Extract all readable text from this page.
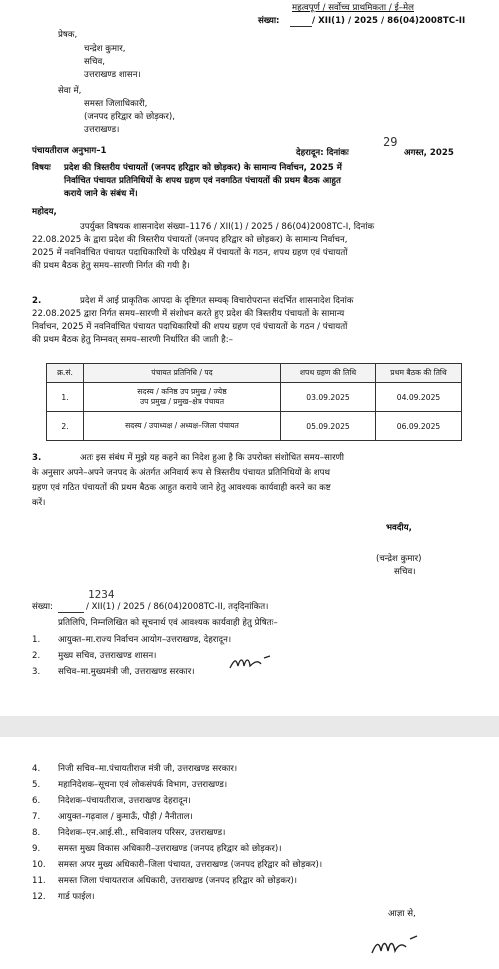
महत्वपूर्ण / सर्वोच्च प्राथमिकता / ई–मेल
संख्या:	/ XII(1) / 2025 / 86(04)2008TC-II
प्रेषक,
चन्द्रेश कुमार,
सचिव,
उत्तराखण्ड शासन।
सेवा में,
समस्त जिलाधिकारी,
(जनपद हरिद्वार को छोड़कर),
उत्तराखण्ड।
पंचायतीराज अनुभाग–1	देहरादून: दिनांकः
29
अगस्त, 2025
विषयः प्रदेश की त्रिस्तरीय पंचायतों (जनपद हरिद्वार को छोड़कर) के सामान्य निर्वाचन, 2025 में
निर्वाचित पंचायत प्रतिनिधियों के शपथ ग्रहण एवं नवगठित पंचायतों की प्रथम बैठक आहुत
कराये जाने के संबंध में।
महोदय,
उपर्युक्त विषयक शासनादेश संख्या–1176 / XII(1) / 2025 / 86(04)2008TC-I, दिनांक
22.08.2025 के द्वारा प्रदेश की त्रिस्तरीय पंचायतों (जनपद हरिद्वार को छोड़कर) के सामान्य निर्वाचन,
2025 में नवनिर्वाचित पंचायत पदाधिकारियों के परिप्रेक्ष्य में पंचायतों के गठन, शपथ ग्रहण एवं पंचायतों
की प्रथम बैठक हेतु समय–सारणी निर्गत की गयी है।
2.	प्रदेश में आई प्राकृतिक आपदा के दृष्टिगत सम्यक् विचारोपरान्त संदर्भित शासनादेश दिनांक
22.08.2025 द्वारा निर्गत समय–सारणी में संशोधन करते हुए प्रदेश की त्रिस्तरीय पंचायतों के सामान्य
निर्वाचन, 2025 में नवनिर्वाचित पंचायत पदाधिकारियों की शपथ ग्रहण एवं पंचायतों के गठन / पंचायतों
की प्रथम बैठक हेतु निम्नवत् समय–सारणी निर्धारित की जाती है:–
क्र.सं.	पंचायत प्रतिनिधि / पद	शपथ ग्रहण की तिथि	प्रथम बैठक की तिथि
1.	सदस्य / कनिष्ठ उप प्रमुख / ज्येष्ठ
उप प्रमुख / प्रमुख–क्षेत्र पंचायत	03.09.2025	04.09.2025
2.	सदस्य / उपाध्यक्ष / अध्यक्ष–जिला पंचायत	05.09.2025	06.09.2025
3.	अतः इस संबंध में मुझे यह कहने का निदेश हुआ है कि उपरोक्त संशोधित समय–सारणी
के अनुसार अपने–अपने जनपद के अंतर्गत अनिवार्य रूप से त्रिस्तरीय पंचायत प्रतिनिधियों के शपथ
ग्रहण एवं गठित पंचायतों की प्रथम बैठक आहुत कराये जाने हेतु आवश्यक कार्यवाही करने का कष्ट
करें।
भवदीय,
(चन्द्रेश कुमार)
सचिव।
1234
संख्या:	/ XII(1) / 2025 / 86(04)2008TC-II, तद्‌दिनांकित।
प्रतिलिपि, निम्नलिखित को सूचनार्थ एवं आवश्यक कार्यवाही हेतु प्रेषितः–
1. आयुक्त–मा.राज्य निर्वाचन आयोग–उत्तराखण्ड, देहरादून।
2. मुख्य सचिव, उत्तराखण्ड शासन।
3. सचिव–मा.मुख्यमंत्री जी, उत्तराखण्ड सरकार।
4. निजी सचिव–मा.पंचायतीराज मंत्री जी, उत्तराखण्ड सरकार।
5. महानिदेशक–सूचना एवं लोकसंपर्क विभाग, उत्तराखण्ड।
6. निदेशक–पंचायतीराज, उत्तराखण्ड देहरादून।
7. आयुक्त–गढ़वाल / कुमाऊँ, पौड़ी / नैनीताल।
8. निदेशक–एन.आई.सी., सचिवालय परिसर, उत्तराखण्ड।
9. समस्त मुख्य विकास अधिकारी–उत्तराखण्ड (जनपद हरिद्वार को छोड़कर)।
10. समस्त अपर मुख्य अधिकारी–जिला पंचायत, उत्तराखण्ड (जनपद हरिद्वार को छोड़कर)।
11. समस्त जिला पंचायतराज अधिकारी, उत्तराखण्ड (जनपद हरिद्वार को छोड़कर)।
12. गार्ड फाईल।
आज्ञा से,
